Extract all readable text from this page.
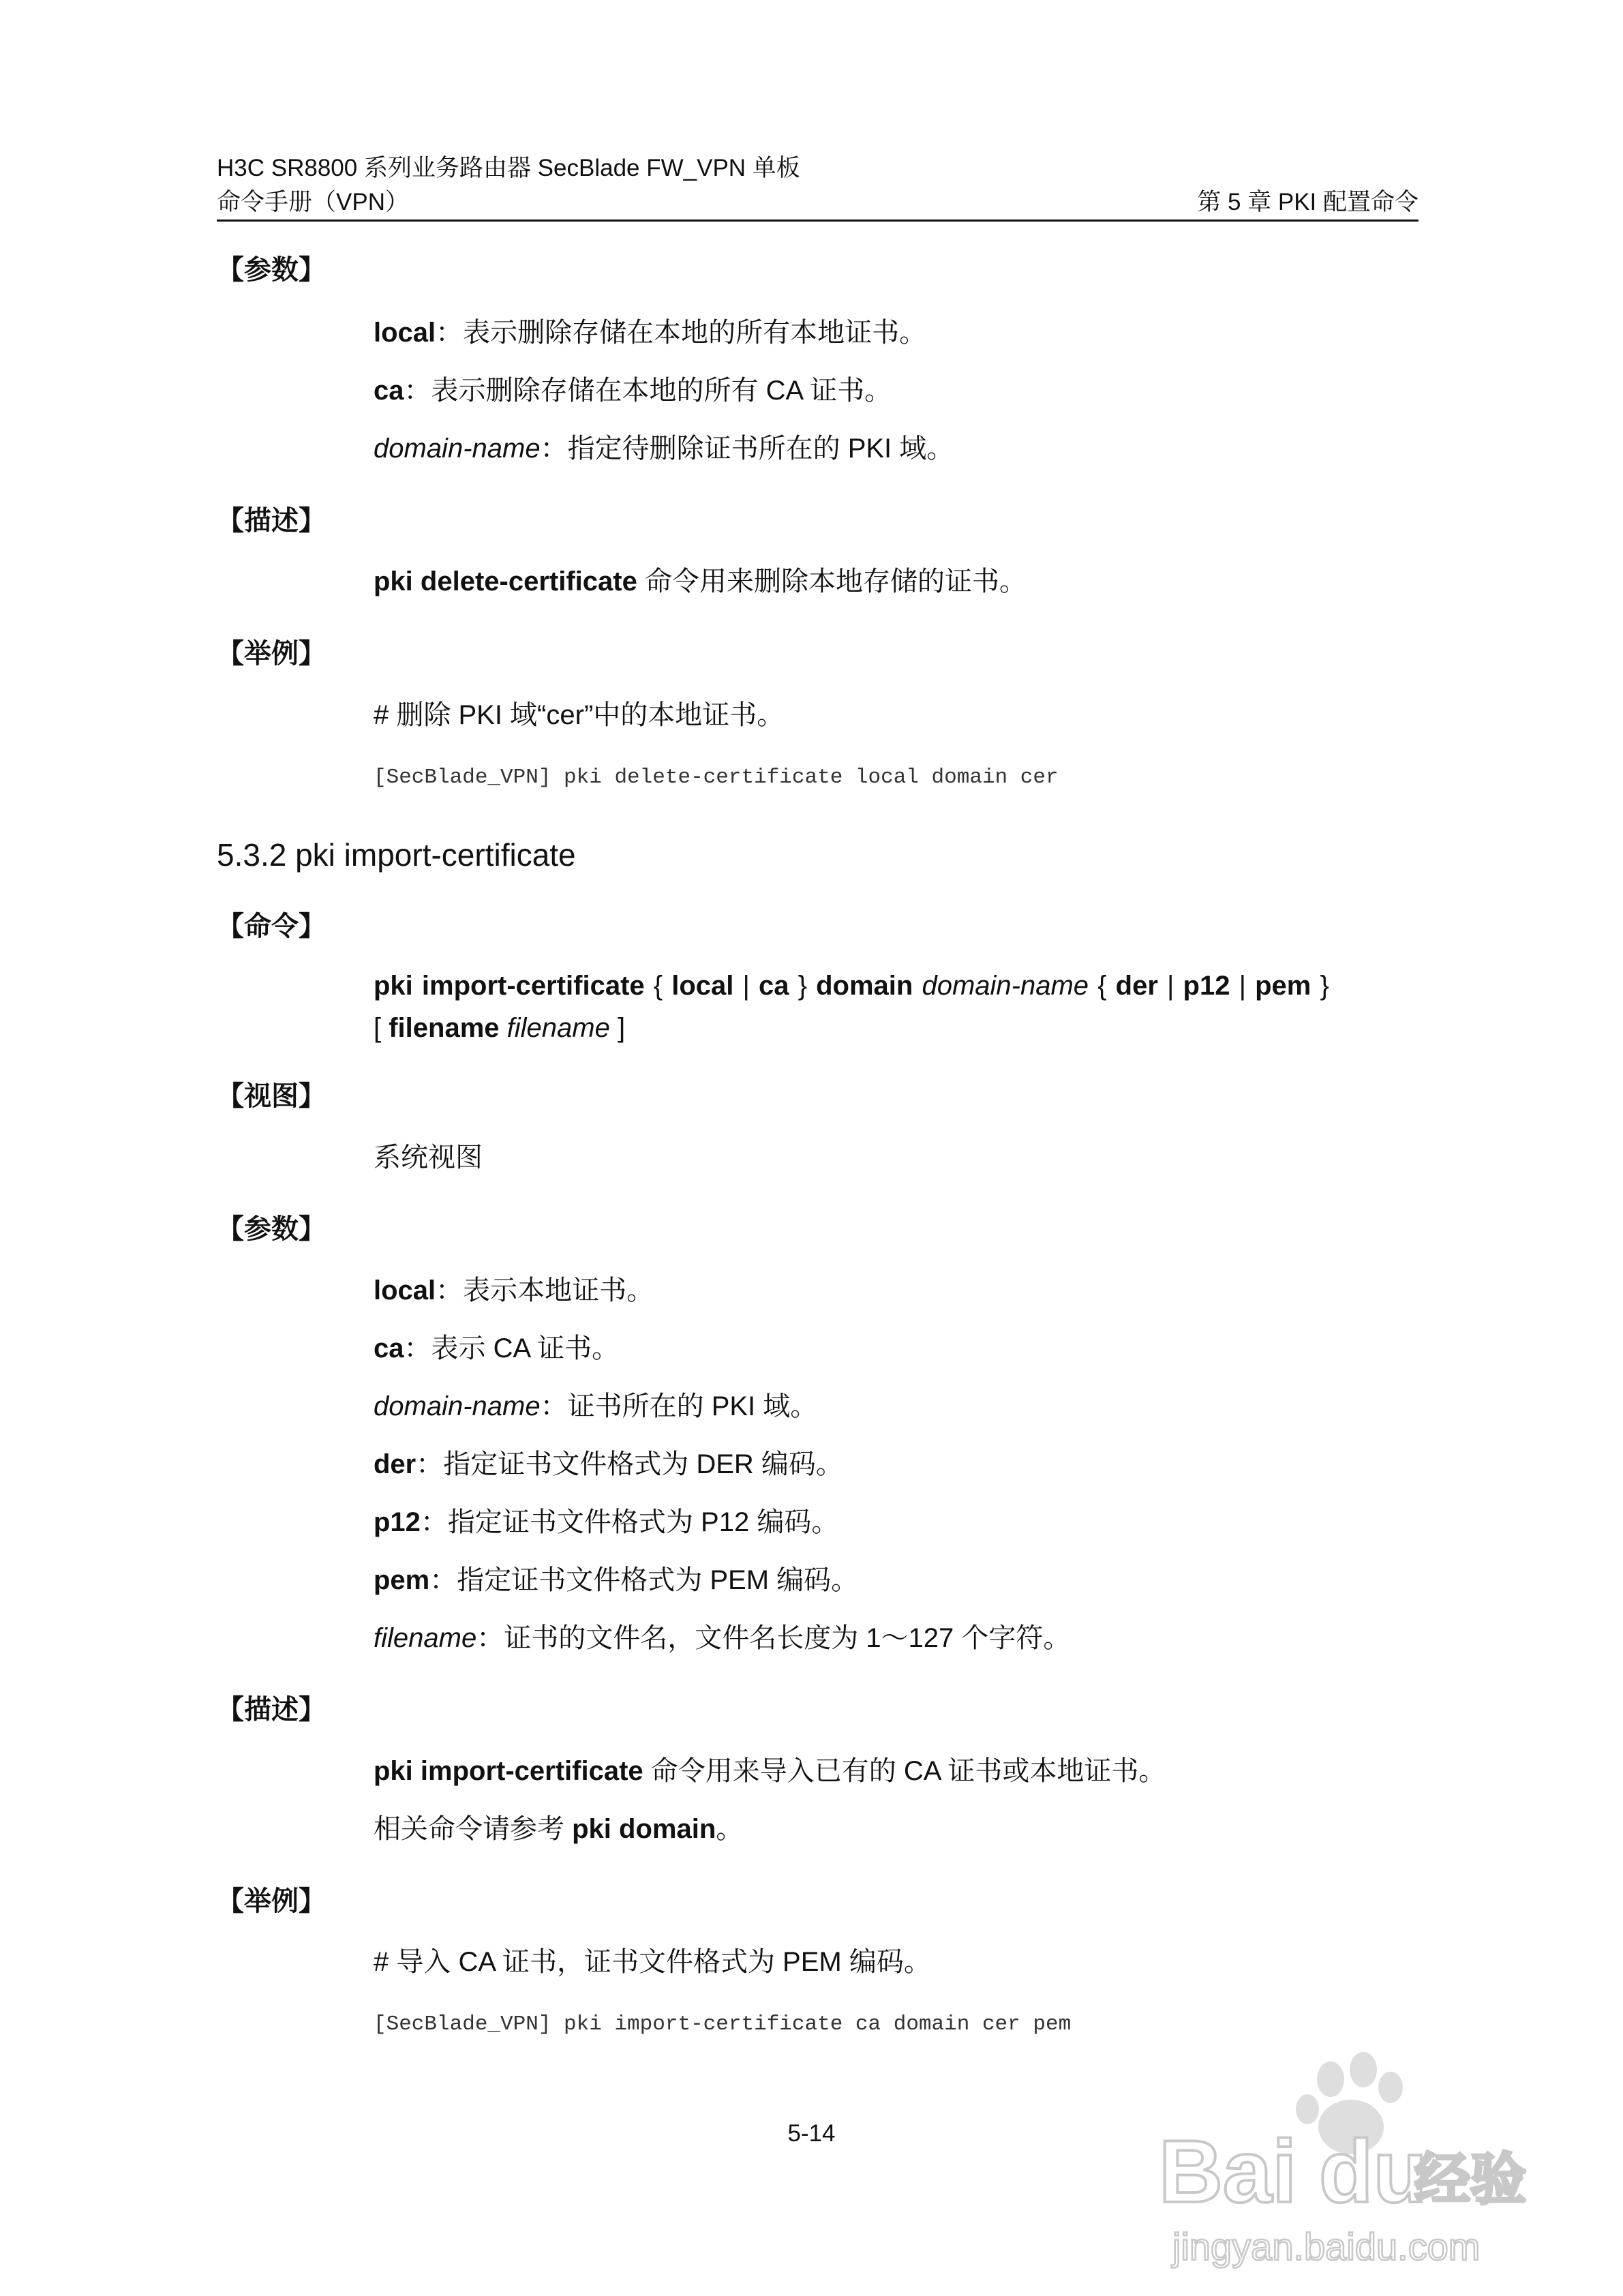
H3C SR8800 系列业务路由器 SecBlade FW_VPN 单板
命令手册（VPN）	第 5 章 PKI 配置命令
【参数】
local：表示删除存储在本地的所有本地证书。
ca：表示删除存储在本地的所有 CA 证书。
domain-name：指定待删除证书所在的 PKI 域。
【描述】
pki delete-certificate 命令用来删除本地存储的证书。
【举例】
# 删除 PKI 域“cer”中的本地证书。
[SecBlade_VPN] pki delete-certificate local domain cer
5.3.2 pki import-certificate
【命令】
pki import-certificate { local | ca } domain domain-name { der | p12 | pem }
[ filename filename ]
【视图】
系统视图
【参数】
local：表示本地证书。
ca：表示 CA 证书。
domain-name：证书所在的 PKI 域。
der：指定证书文件格式为 DER 编码。
p12：指定证书文件格式为 P12 编码。
pem：指定证书文件格式为 PEM 编码。
filename：证书的文件名，文件名长度为 1～127 个字符。
【描述】
pki import-certificate 命令用来导入已有的 CA 证书或本地证书。
相关命令请参考 pki domain。
【举例】
# 导入 CA 证书，证书文件格式为 PEM 编码。
[SecBlade_VPN] pki import-certificate ca domain cer pem
5-14	Bai du
经验
jingyan.baidu.com
